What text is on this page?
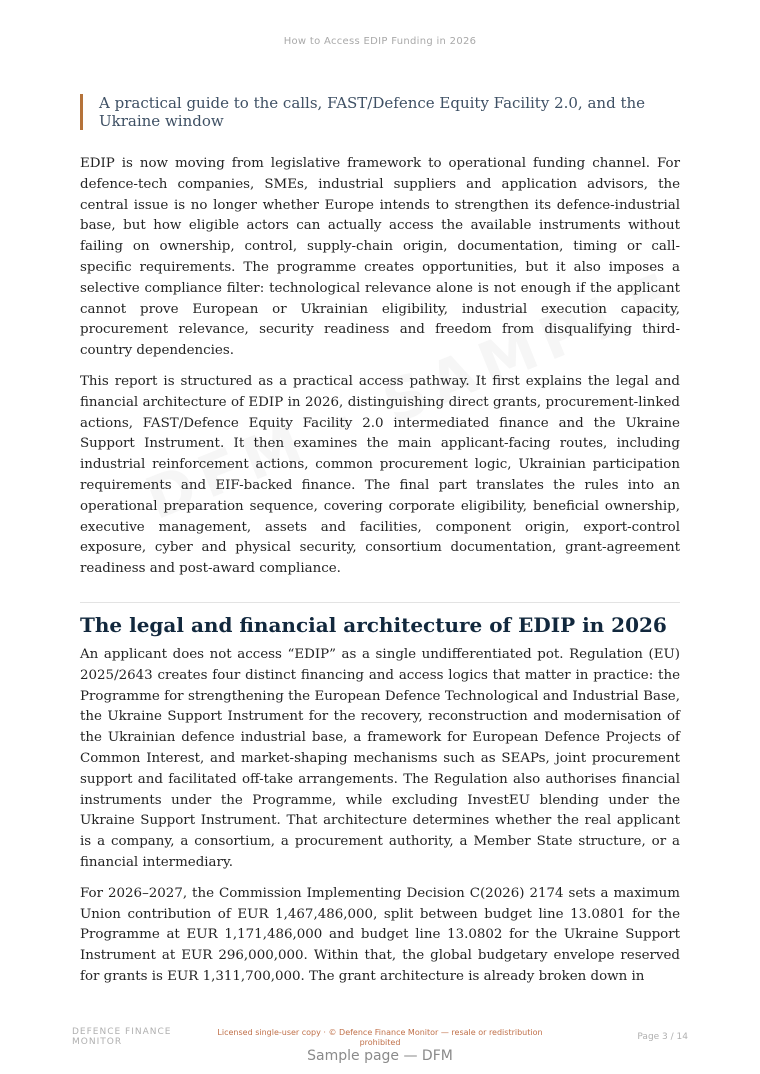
How to Access EDIP Funding in 2026
A practical guide to the calls, FAST/Defence Equity Facility 2.0, and the Ukraine window

EDIP is now moving from legislative framework to operational funding channel. For defence-tech companies, SMEs, industrial suppliers and application advisors, the central issue is no longer whether Europe intends to strengthen its defence-industrial base, but how eligible actors can actually access the available instruments without failing on ownership, control, supply-chain origin, documentation, timing or call-specific requirements. The programme creates opportunities, but it also imposes a selective compliance filter: technological relevance alone is not enough if the applicant cannot prove European or Ukrainian eligibility, industrial execution capacity, procurement relevance, security readiness and freedom from disqualifying third-country dependencies.

This report is structured as a practical access pathway. It first explains the legal and financial architecture of EDIP in 2026, distinguishing direct grants, procurement-linked actions, FAST/Defence Equity Facility 2.0 intermediated finance and the Ukraine Support Instrument. It then examines the main applicant-facing routes, including industrial reinforcement actions, common procurement logic, Ukrainian participation requirements and EIF-backed finance. The final part translates the rules into an operational preparation sequence, covering corporate eligibility, beneficial ownership, executive management, assets and facilities, component origin, export-control exposure, cyber and physical security, consortium documentation, grant-agreement readiness and post-award compliance.

The legal and financial architecture of EDIP in 2026

An applicant does not access “EDIP” as a single undifferentiated pot. Regulation (EU) 2025/2643 creates four distinct financing and access logics that matter in practice: the Programme for strengthening the European Defence Technological and Industrial Base, the Ukraine Support Instrument for the recovery, reconstruction and modernisation of the Ukrainian defence industrial base, a framework for European Defence Projects of Common Interest, and market-shaping mechanisms such as SEAPs, joint procurement support and facilitated off-take arrangements. The Regulation also authorises financial instruments under the Programme, while excluding InvestEU blending under the Ukraine Support Instrument. That architecture determines whether the real applicant is a company, a consortium, a procurement authority, a Member State structure, or a financial intermediary.

For 2026–2027, the Commission Implementing Decision C(2026) 2174 sets a maximum Union contribution of EUR 1,467,486,000, split between budget line 13.0801 for the Programme at EUR 1,171,486,000 and budget line 13.0802 for the Ukraine Support Instrument at EUR 296,000,000. Within that, the global budgetary envelope reserved for grants is EUR 1,311,700,000. The grant architecture is already broken down in

DEFENCE FINANCE
MONITOR
Licensed single-user copy · © Defence Finance Monitor — resale or redistribution prohibited
Page 3 / 14
Sample page — DFM
